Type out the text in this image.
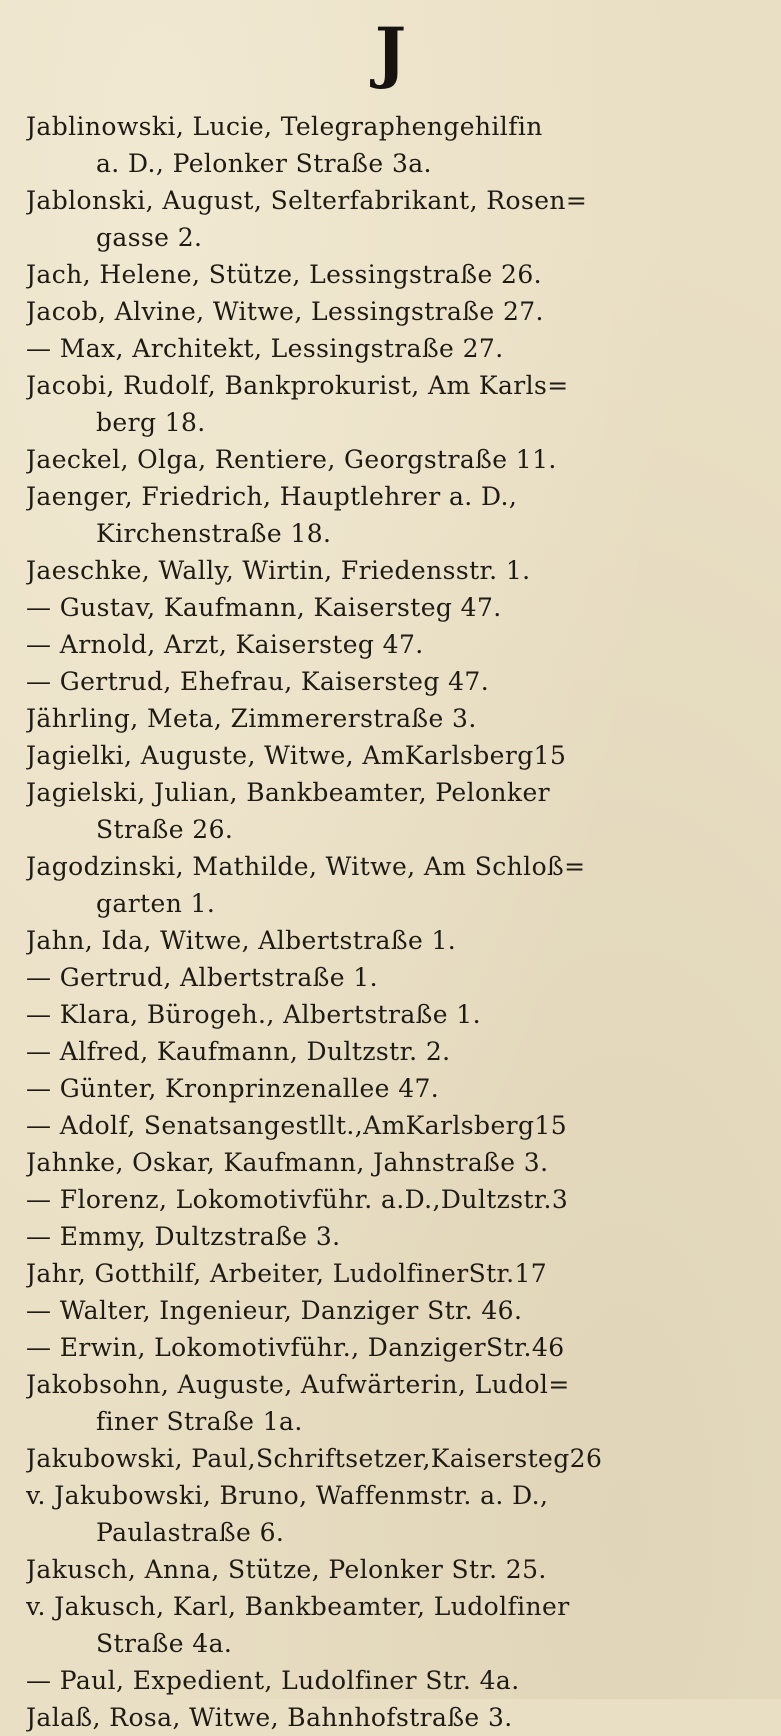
J
Jablinowski, Lucie, Telegraphengehilfin
a. D., Pelonker Straße 3a.
Jablonski, August, Selterfabrikant, Rosen=
gasse 2.
Jach, Helene, Stütze, Lessingstraße 26.
Jacob, Alvine, Witwe, Lessingstraße 27.
— Max, Architekt, Lessingstraße 27.
Jacobi, Rudolf, Bankprokurist, Am Karls=
berg 18.
Jaeckel, Olga, Rentiere, Georgstraße 11.
Jaenger, Friedrich, Hauptlehrer a. D.,
Kirchenstraße 18.
Jaeschke, Wally, Wirtin, Friedensstr. 1.
— Gustav, Kaufmann, Kaisersteg 47.
— Arnold, Arzt, Kaisersteg 47.
— Gertrud, Ehefrau, Kaisersteg 47.
Jährling, Meta, Zimmererstraße 3.
Jagielki, Auguste, Witwe, AmKarlsberg15
Jagielski, Julian, Bankbeamter, Pelonker
Straße 26.
Jagodzinski, Mathilde, Witwe, Am Schloß=
garten 1.
Jahn, Ida, Witwe, Albertstraße 1.
— Gertrud, Albertstraße 1.
— Klara, Bürogeh., Albertstraße 1.
— Alfred, Kaufmann, Dultzstr. 2.
— Günter, Kronprinzenallee 47.
— Adolf, Senatsangestllt.,AmKarlsberg15
Jahnke, Oskar, Kaufmann, Jahnstraße 3.
— Florenz, Lokomotivführ. a.D.,Dultzstr.3
— Emmy, Dultzstraße 3.
Jahr, Gotthilf, Arbeiter, LudolfinerStr.17
— Walter, Ingenieur, Danziger Str. 46.
— Erwin, Lokomotivführ., DanzigerStr.46
Jakobsohn, Auguste, Aufwärterin, Ludol=
finer Straße 1a.
Jakubowski, Paul,Schriftsetzer,Kaisersteg26
v. Jakubowski, Bruno, Waffenmstr. a. D.,
Paulastraße 6.
Jakusch, Anna, Stütze, Pelonker Str. 25.
v. Jakusch, Karl, Bankbeamter, Ludolfiner
Straße 4a.
— Paul, Expedient, Ludolfiner Str. 4a.
Jalaß, Rosa, Witwe, Bahnhofstraße 3.
